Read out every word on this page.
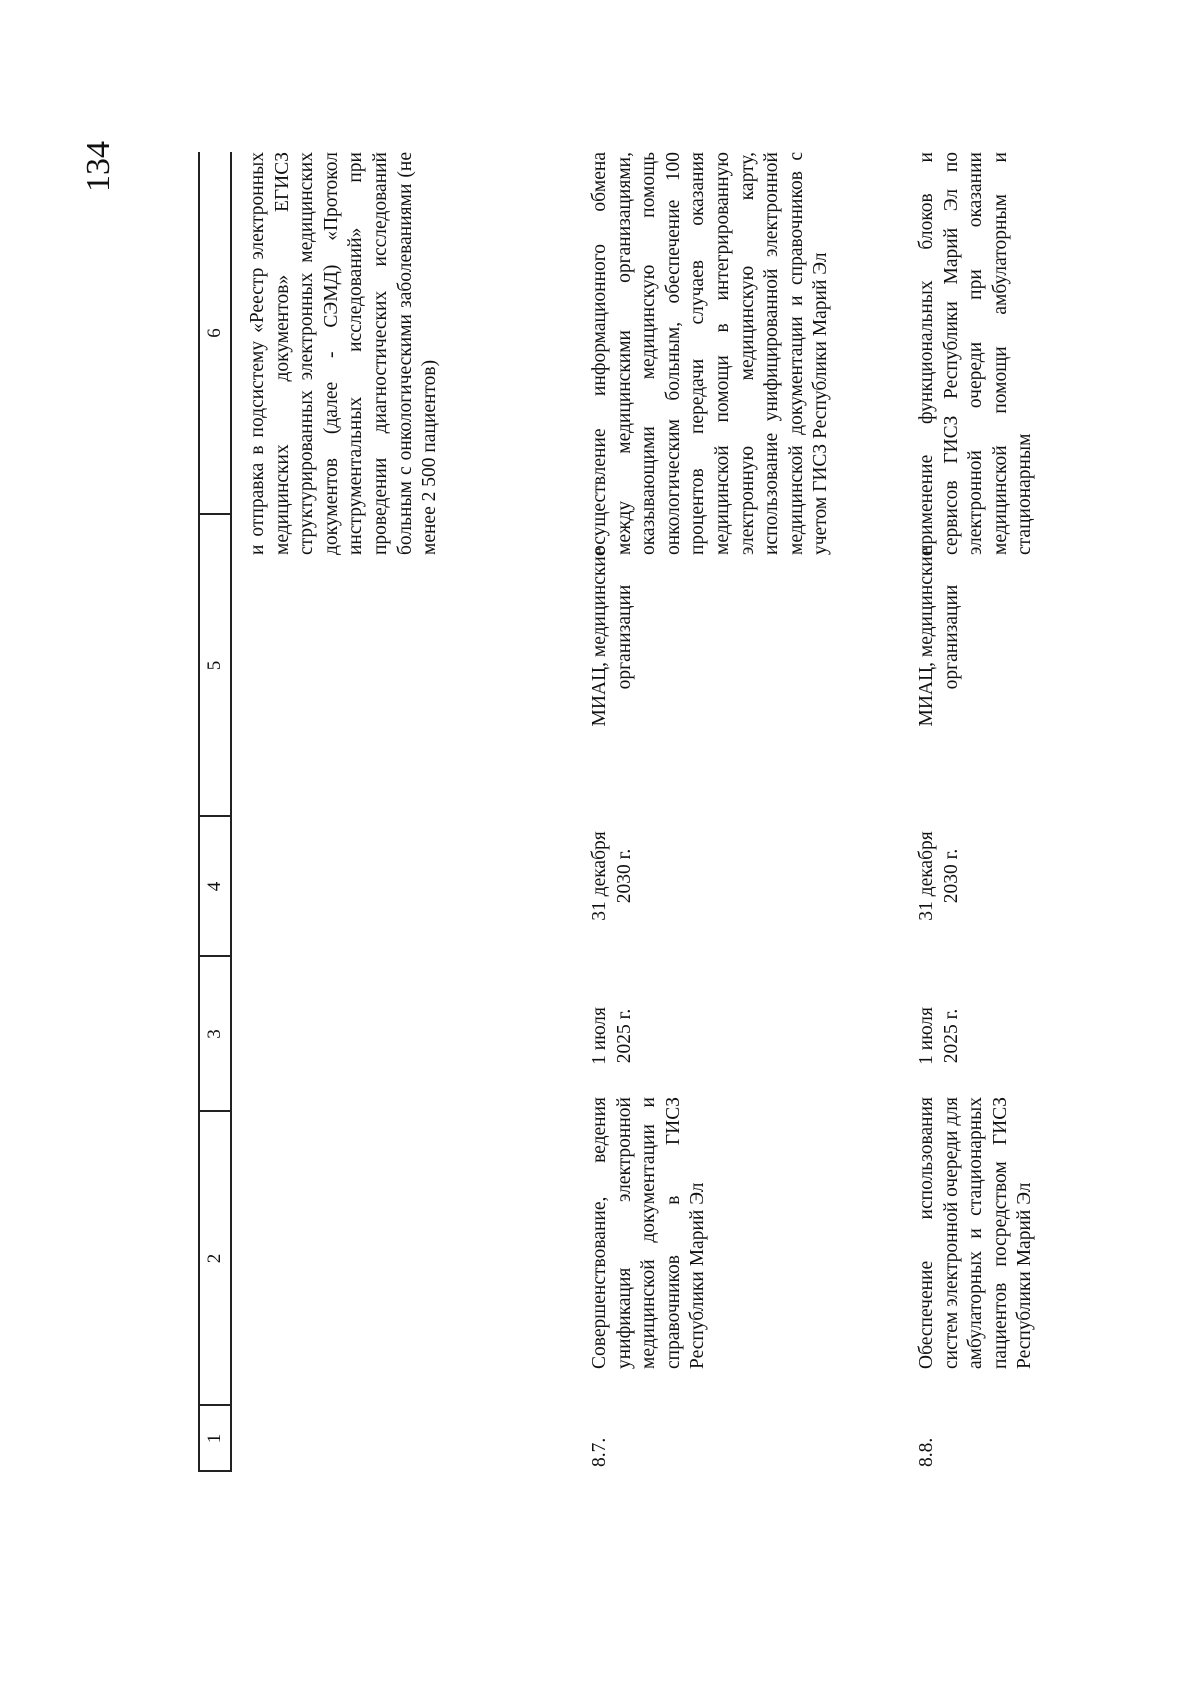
134
1
2
3
4
5
6 и отправка в подсистему «Реестр электронных медицинских документов» ЕГИСЗ структурированных электронных медицинских документов (далее - СЭМД) «Протокол инструментальных исследований» при проведении диагностических исследований больным с онкологическими заболеваниями (не менее 2 500 пациентов)
8.7.
Совершенствование, ведения унификация электронной медицинской документации и справочников в ГИСЗ Республики Марий Эл
1 июля 2025 г.
31 декабря 2030 г.
МИАЦ, медицинские организации
осуществление информационного обмена между медицинскими организациями, оказывающими медицинскую помощь онкологическим больным, обеспечение 100 процентов передачи случаев оказания медицинской помощи в интегрированную электронную медицинскую карту, использование унифицированной электронной медицинской документации и справочников с учетом ГИСЗ Республики Марий Эл
8.8.
Обеспечение использования систем электронной очереди для амбулаторных и стационарных пациентов посредством ГИСЗ Республики Марий Эл
1 июля 2025 г.
31 декабря 2030 г.
МИАЦ, медицинские организации
применение функциональных блоков и сервисов ГИСЗ Республики Марий Эл по электронной очереди при оказании медицинской помощи амбулаторным и стационарным
